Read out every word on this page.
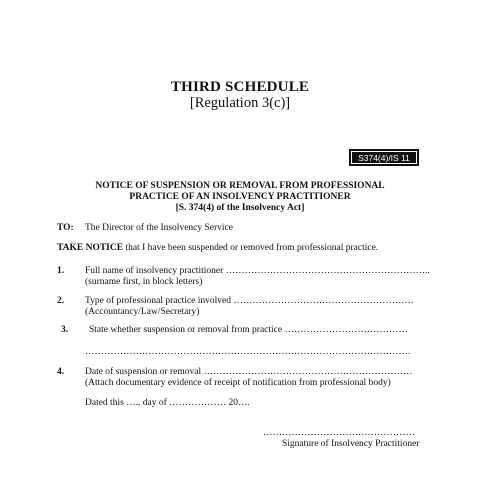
THIRD SCHEDULE
[Regulation 3(c)]
S374(4)/IS 11
NOTICE OF SUSPENSION OR REMOVAL FROM PROFESSIONAL
PRACTICE OF AN INSOLVENCY PRACTITIONER
[S. 374(4) of the Insolvency Act]
TO: The Director of the Insolvency Service
TAKE NOTICE that I have been suspended or removed from professional practice.
1. Full name of insolvency practitioner ………………………………………………………..
(surname first, in block letters)
2. Type of professional practice involved …………………………………………………
(Accountancy/Law/Secretary)
3. State whether suspension or removal from practice …………………………………
………………………………………………………………………………………….
4. Date of suspension or removal …………………………………………………………
(Attach documentary evidence of receipt of notification from professional body)
Dated this ….. day of ……………… 20….
…………………………………………
Signature of Insolvency Practitioner
